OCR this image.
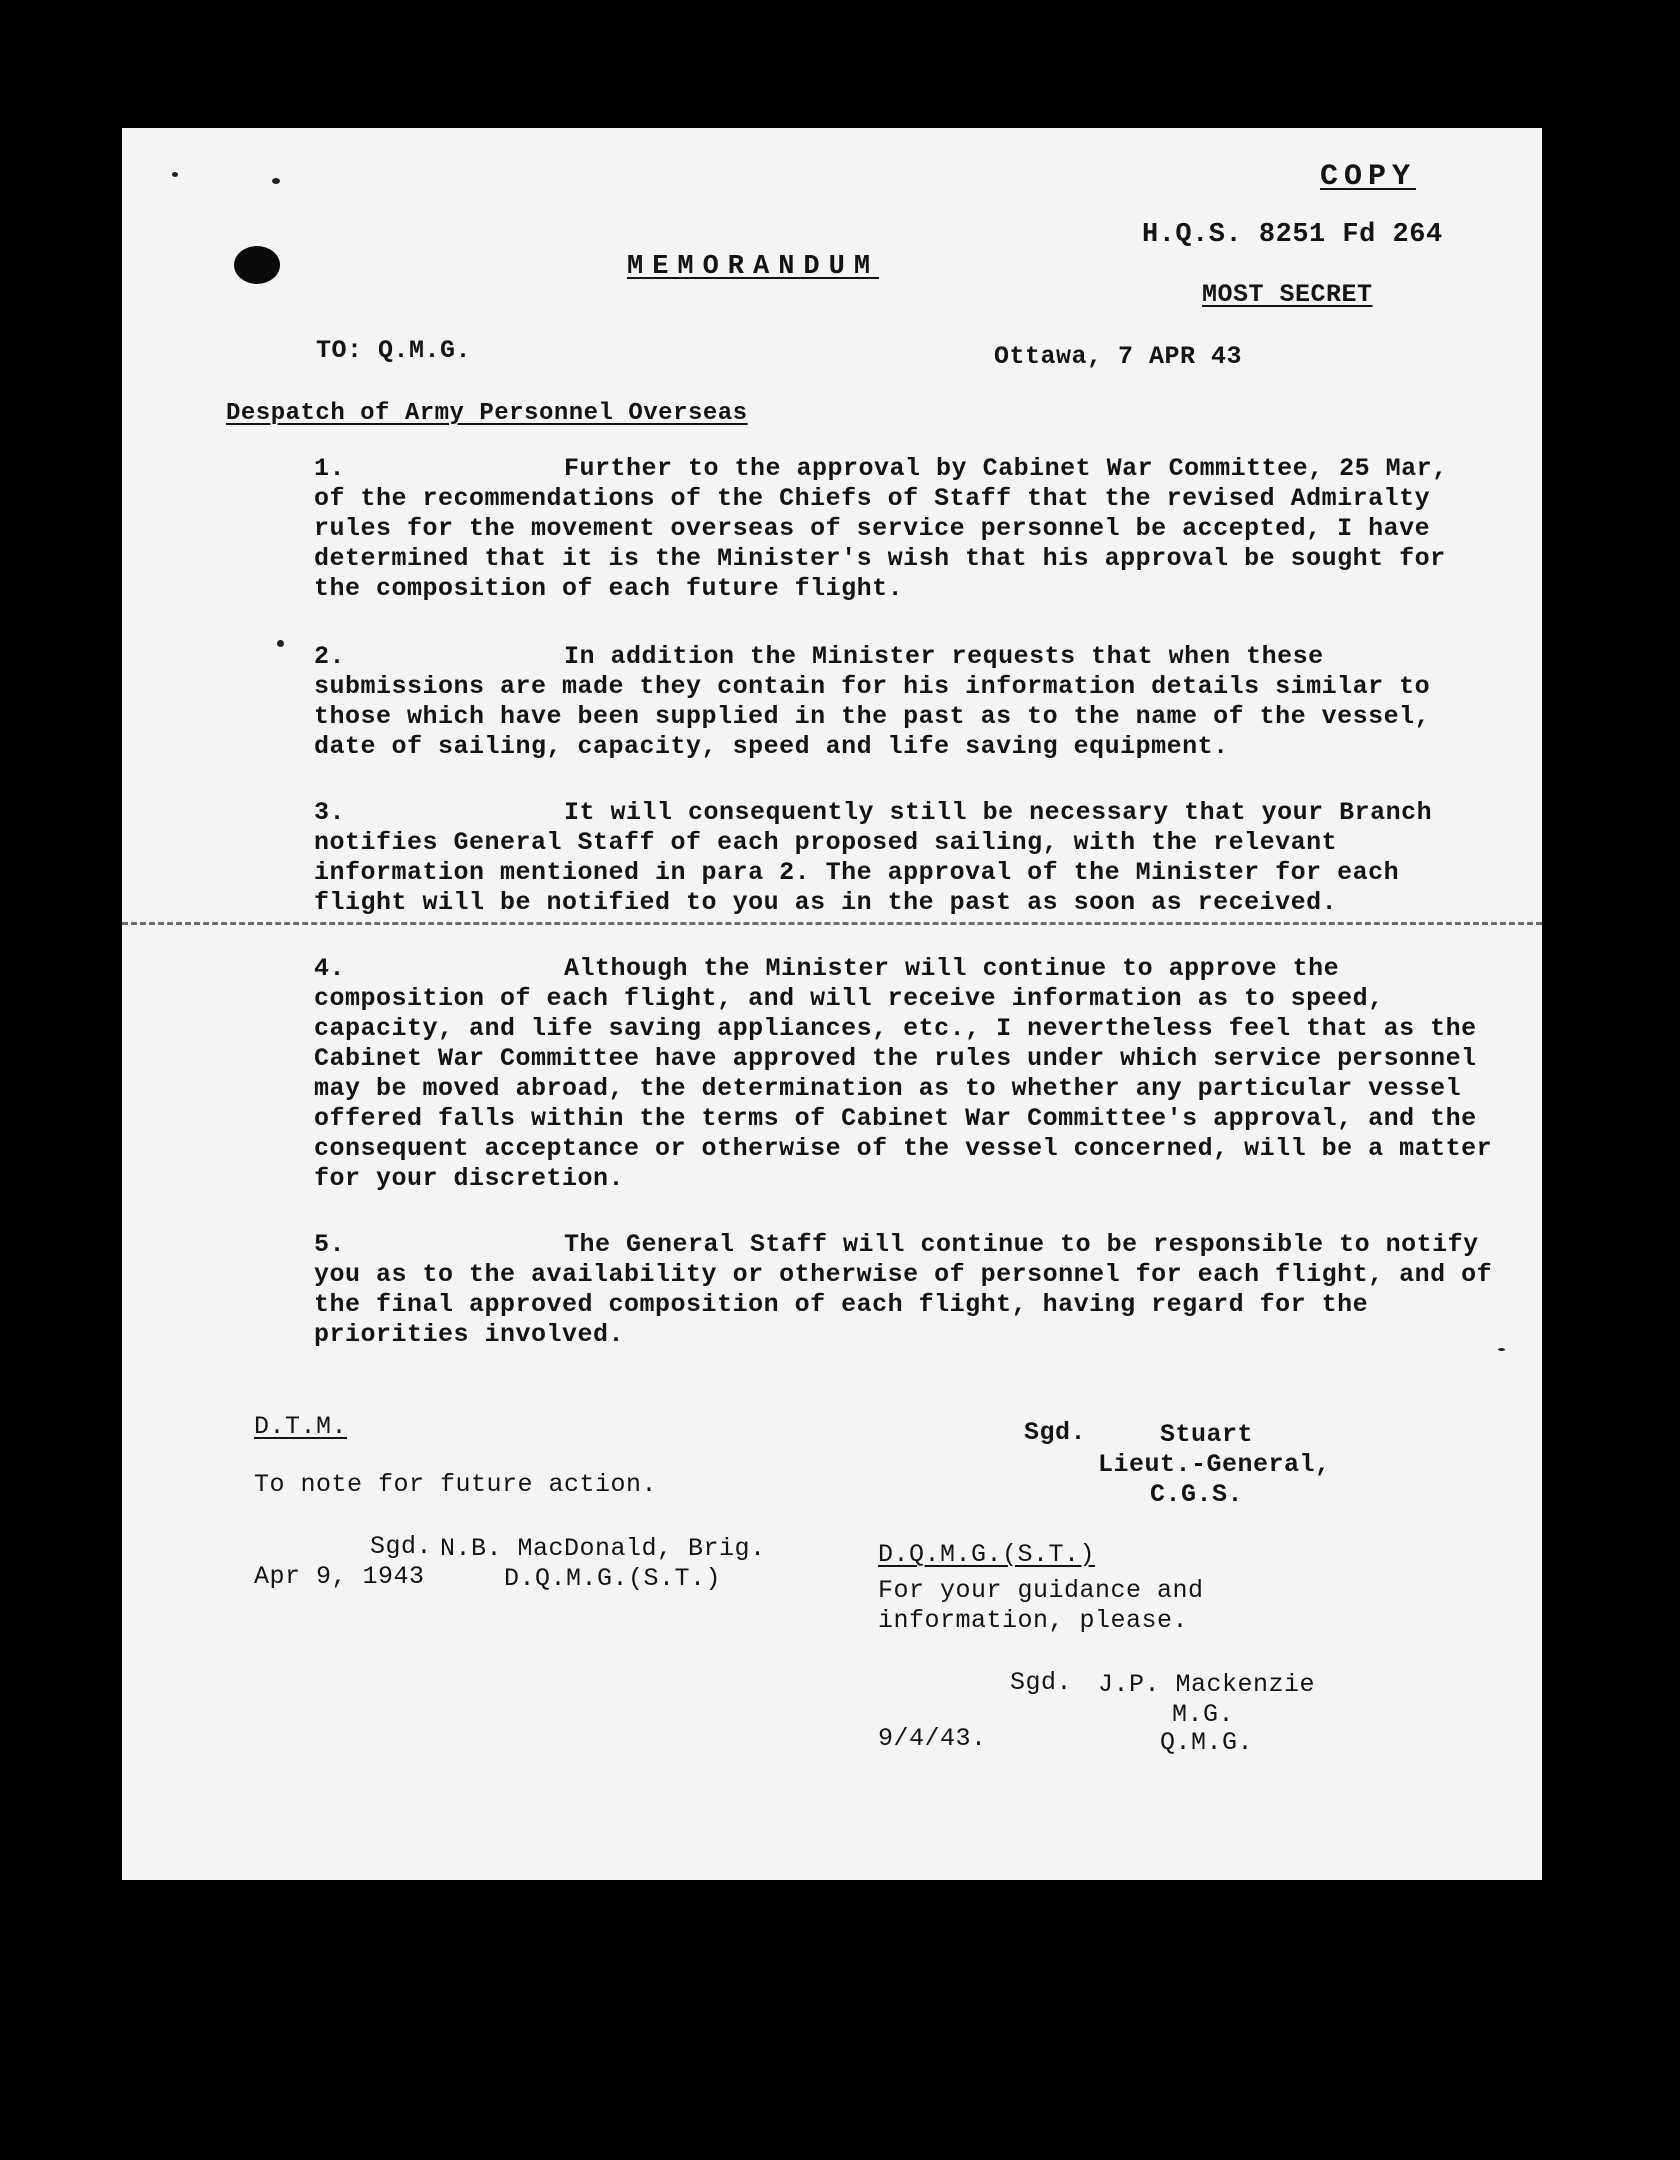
COPY
H.Q.S. 8251 Fd 264
MOST SECRET
MEMORANDUM
TO: Q.M.G.	Ottawa, 7 APR 43
Despatch of Army Personnel Overseas
1.	Further to the approval by Cabinet War Committee, 25 Mar, of the recommendations of the Chiefs of Staff that the revised Admiralty rules for the movement overseas of service personnel be accepted, I have determined that it is the Minister's wish that his approval be sought for the composition of each future flight.
2.	In addition the Minister requests that when these submissions are made they contain for his information details similar to those which have been supplied in the past as to the name of the vessel, date of sailing, capacity, speed and life saving equipment.
3.	It will consequently still be necessary that your Branch notifies General Staff of each proposed sailing, with the relevant information mentioned in para 2. The approval of the Minister for each flight will be notified to you as in the past as soon as received.
4.	Although the Minister will continue to approve the composition of each flight, and will receive information as to speed, capacity, and life saving appliances, etc., I nevertheless feel that as the Cabinet War Committee have approved the rules under which service personnel may be moved abroad, the determination as to whether any particular vessel offered falls within the terms of Cabinet War Committee's approval, and the consequent acceptance or otherwise of the vessel concerned, will be a matter for your discretion.
5.	The General Staff will continue to be responsible to notify you as to the availability or otherwise of personnel for each flight, and of the final approved composition of each flight, having regard for the priorities involved.
Sgd.	Stuart
Lieut.-General,
C.G.S.
D.T.M.
To note for future action.
Sgd. N.B. MacDonald, Brig.
Apr 9, 1943	D.Q.M.G.(S.T.)
D.Q.M.G.(S.T.)
For your guidance and
information, please.
Sgd. J.P. Mackenzie
M.G.
Q.M.G.
9/4/43.
